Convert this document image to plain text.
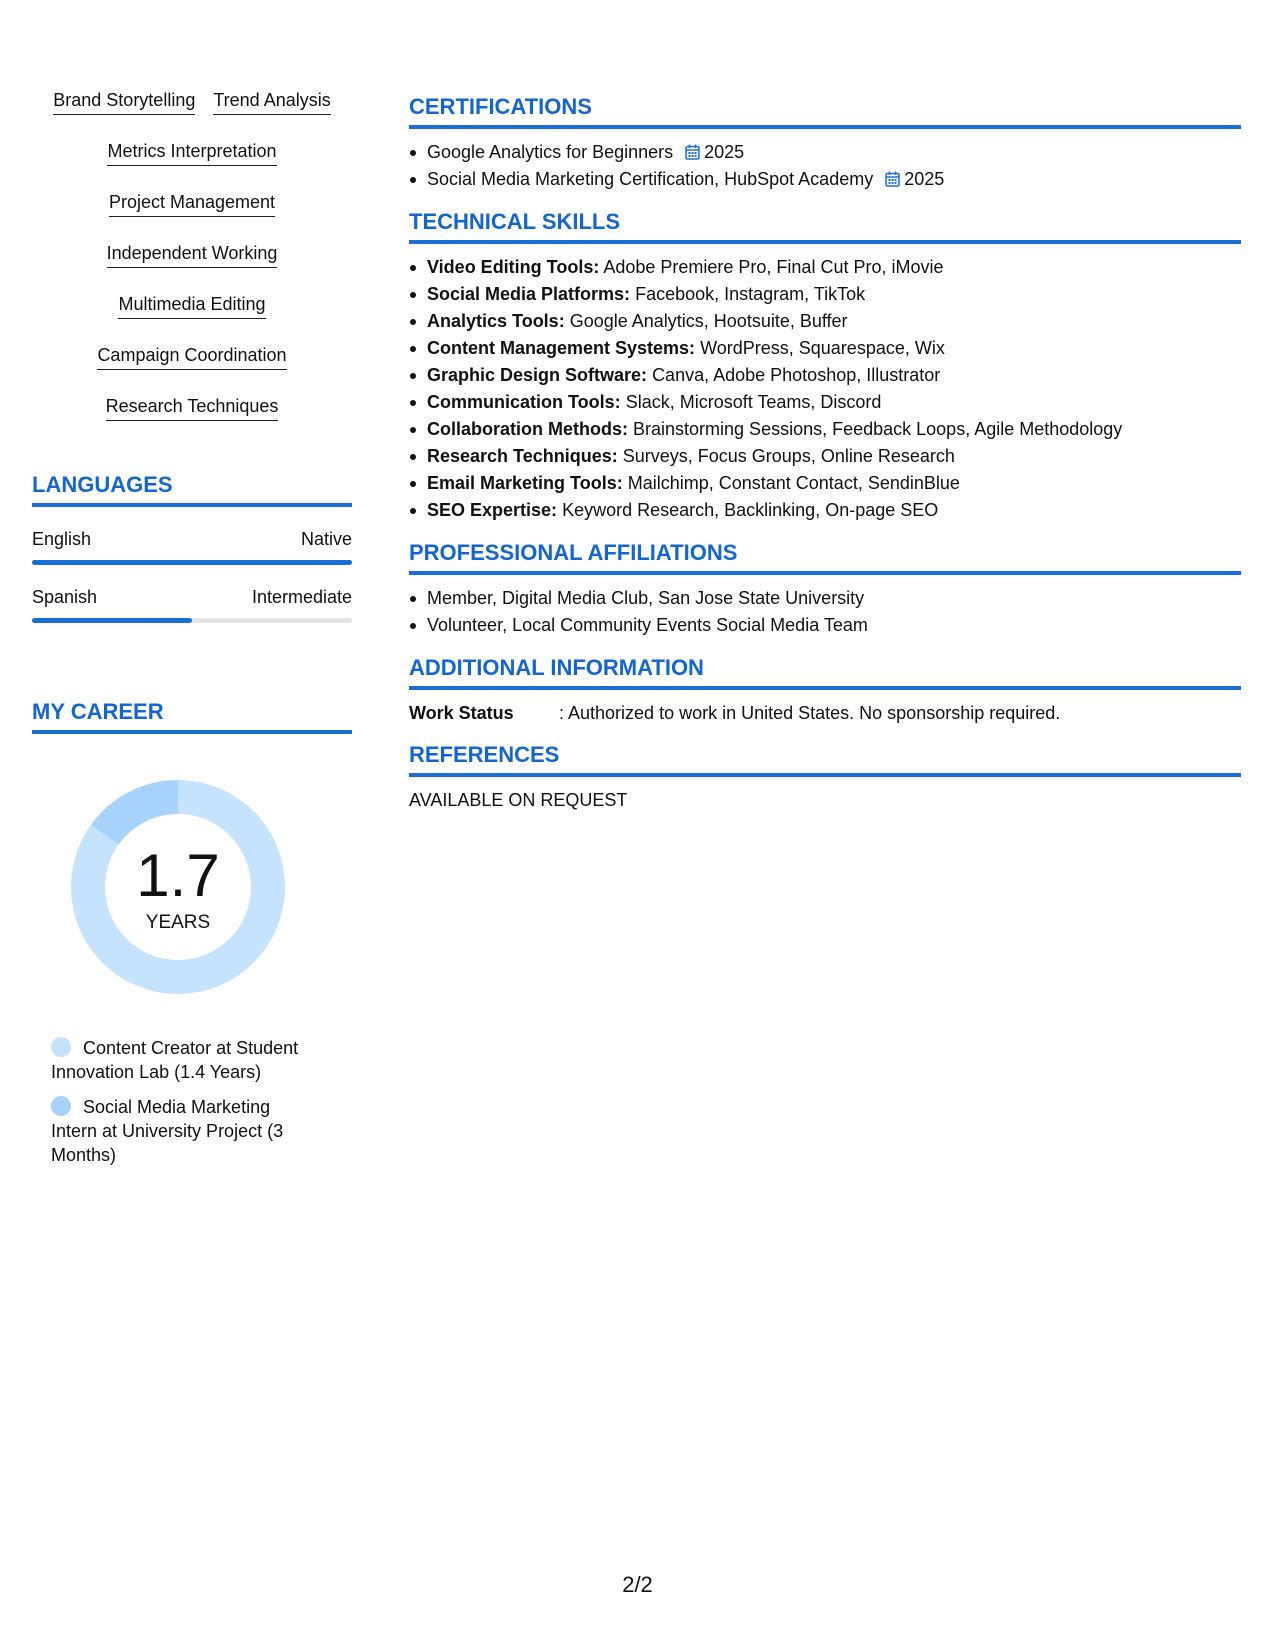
Brand Storytelling Trend Analysis
Metrics Interpretation
Project Management
Independent Working
Multimedia Editing
Campaign Coordination
Research Techniques
LANGUAGES
English	Native
Spanish	Intermediate
MY CAREER
1.7
YEARS
Content Creator at Student Innovation Lab (1.4 Years)
Social Media Marketing Intern at University Project (3 Months)
CERTIFICATIONS
Google Analytics for Beginners 2025
Social Media Marketing Certification, HubSpot Academy 2025
TECHNICAL SKILLS
Video Editing Tools: Adobe Premiere Pro, Final Cut Pro, iMovie
Social Media Platforms: Facebook, Instagram, TikTok
Analytics Tools: Google Analytics, Hootsuite, Buffer
Content Management Systems: WordPress, Squarespace, Wix
Graphic Design Software: Canva, Adobe Photoshop, Illustrator
Communication Tools: Slack, Microsoft Teams, Discord
Collaboration Methods: Brainstorming Sessions, Feedback Loops, Agile Methodology
Research Techniques: Surveys, Focus Groups, Online Research
Email Marketing Tools: Mailchimp, Constant Contact, SendinBlue
SEO Expertise: Keyword Research, Backlinking, On-page SEO
PROFESSIONAL AFFILIATIONS
Member, Digital Media Club, San Jose State University
Volunteer, Local Community Events Social Media Team
ADDITIONAL INFORMATION
Work Status	: Authorized to work in United States. No sponsorship required.
REFERENCES
AVAILABLE ON REQUEST
2/2
